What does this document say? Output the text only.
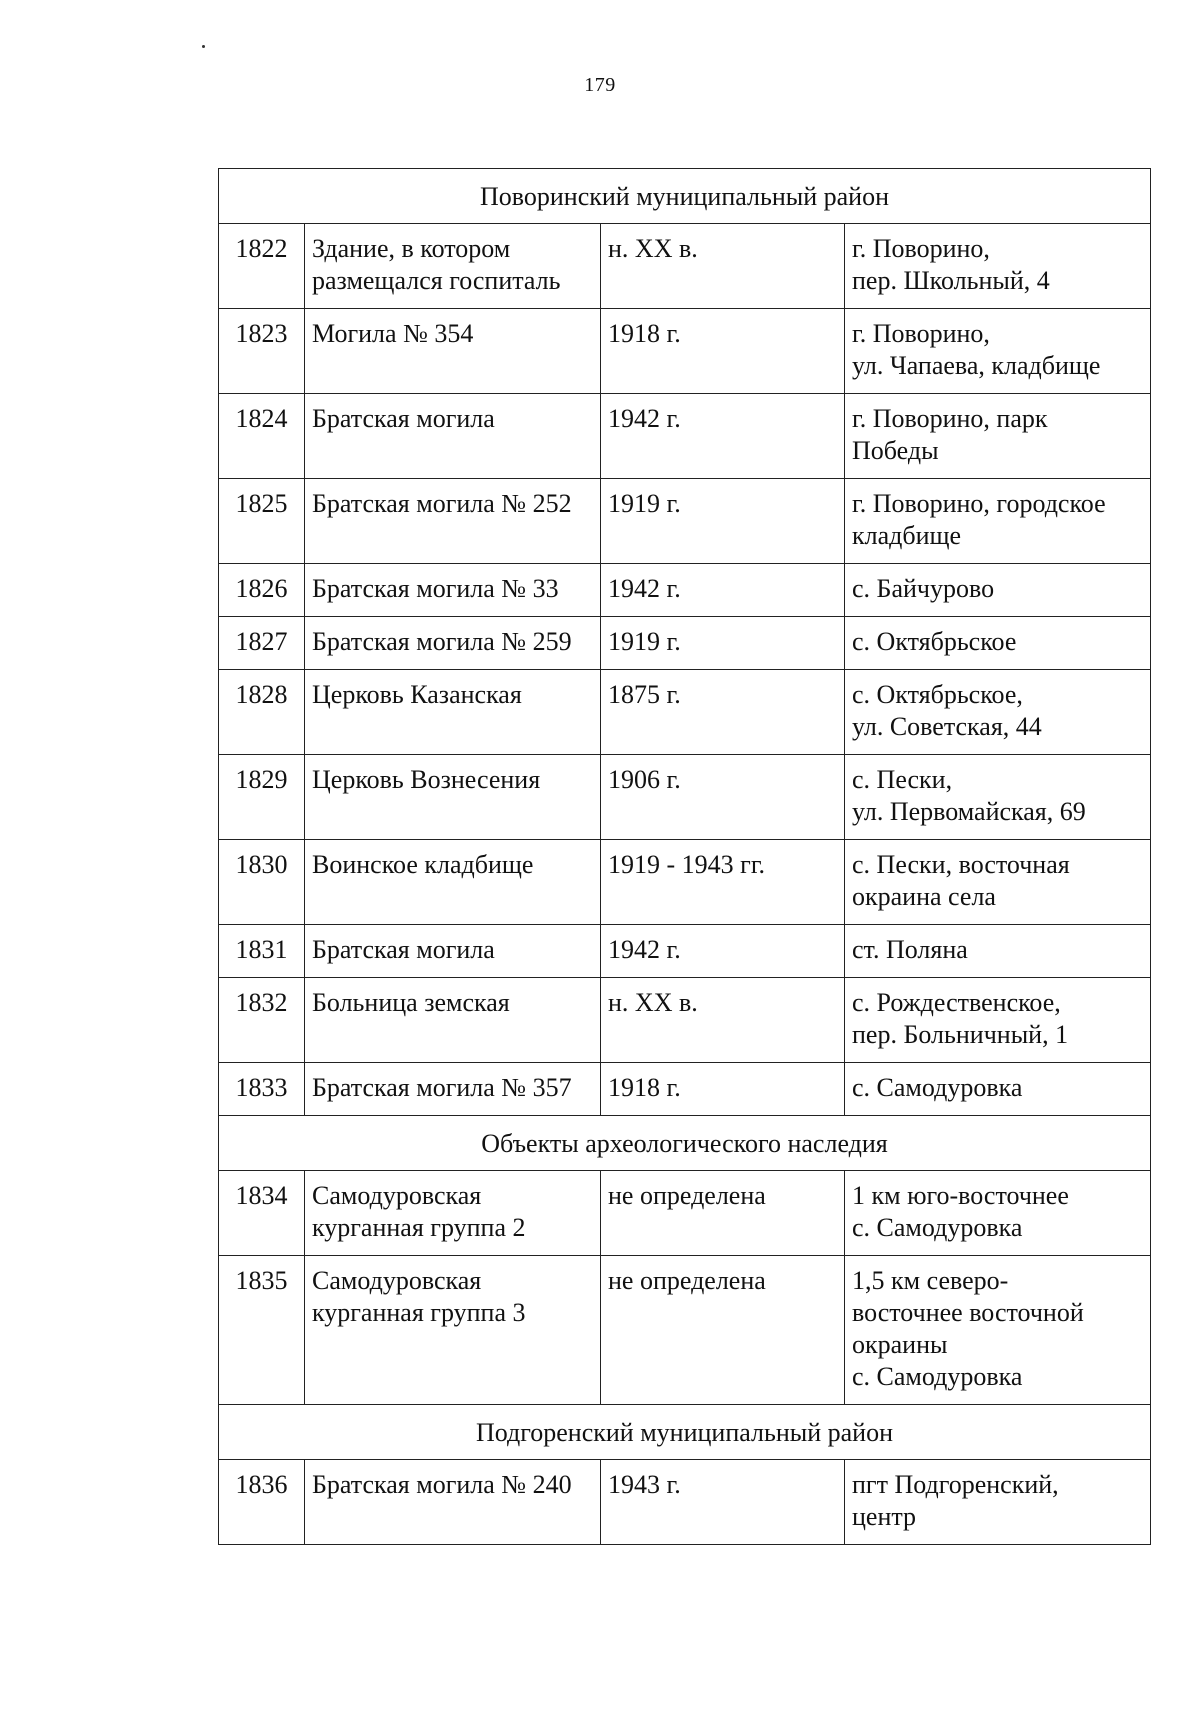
179
Поворинский муниципальный район			
1822	Здание, в котором
размещался госпиталь	н. XX в.	г. Поворино,
пер. Школьный, 4

1823	Могила № 354	1918 г.	г. Поворино,
ул. Чапаева, кладбище

1824	Братская могила	1942 г.	г. Поворино, парк
Победы

1825	Братская могила № 252	1919 г.	г. Поворино, городское
кладбище

1826	Братская могила № 33	1942 г.	с. Байчурово

1827	Братская могила № 259	1919 г.	с. Октябрьское

1828	Церковь Казанская	1875 г.	с. Октябрьское,
ул. Советская, 44

1829	Церковь Вознесения	1906 г.	с. Пески,
ул. Первомайская, 69

1830	Воинское кладбище	1919 - 1943 гг.	с. Пески, восточная
окраина села

1831	Братская могила	1942 г.	ст. Поляна

1832	Больница земская	н. XX в.	с. Рождественское,
пер. Больничный, 1

1833	Братская могила № 357	1918 г.	с. Самодуровка

Объекты археологического наследия			
1834	Самодуровская
курганная группа 2	не определена	1 км юго-восточнее
с. Самодуровка

1835	Самодуровская
курганная группа 3	не определена	1,5 км северо-
восточнее восточной
окраины
с. Самодуровка

Подгоренский муниципальный район			
1836	Братская могила № 240	1943 г.	пгт Подгоренский,
центр
